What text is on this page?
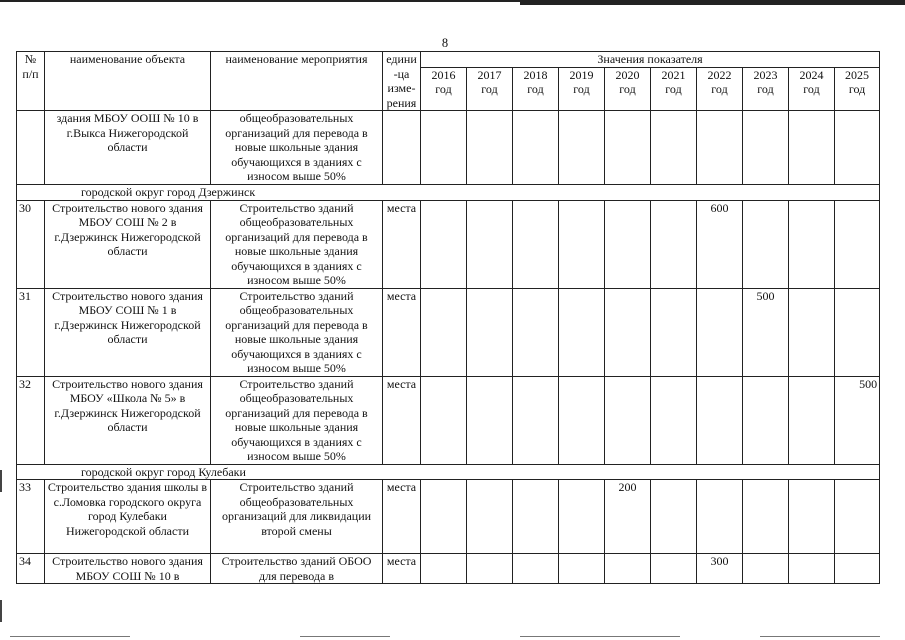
8
№ п/п	наименование объекта	наименование мероприятия	едини -ца изме- рения	Значения показателя									
				2016 год	2017 год	2018 год	2019 год	2020 год	2021 год	2022 год	2023 год	2024 год	2025 год
	здания МБОУ ООШ № 10 в г.Выкса Нижегородской области	общеобразовательных организаций для перевода в новые школьные здания обучающихся в зданиях с износом выше 50%											
городской округ город Дзержинск													
30	Строительство нового здания МБОУ СОШ № 2 в г.Дзержинск Нижегородской области	Строительство зданий общеобразовательных организаций для перевода в новые школьные здания обучающихся в зданиях с износом выше 50%	места							600			
31	Строительство нового здания МБОУ СОШ № 1 в г.Дзержинск Нижегородской области	Строительство зданий общеобразовательных организаций для перевода в новые школьные здания обучающихся в зданиях с износом выше 50%	места								500		
32	Строительство нового здания МБОУ «Школа № 5» в г.Дзержинск Нижегородской области	Строительство зданий общеобразовательных организаций для перевода в новые школьные здания обучающихся в зданиях с износом выше 50%	места										500
городской округ город Кулебаки													
33	Строительство здания школы в с.Ломовка городского округа город Кулебаки Нижегородской области	Строительство зданий общеобразовательных организаций для ликвидации второй смены	места					200					
34	Строительство нового здания МБОУ СОШ № 10 в	Строительство зданий ОБОО для перевода в	места							300			
